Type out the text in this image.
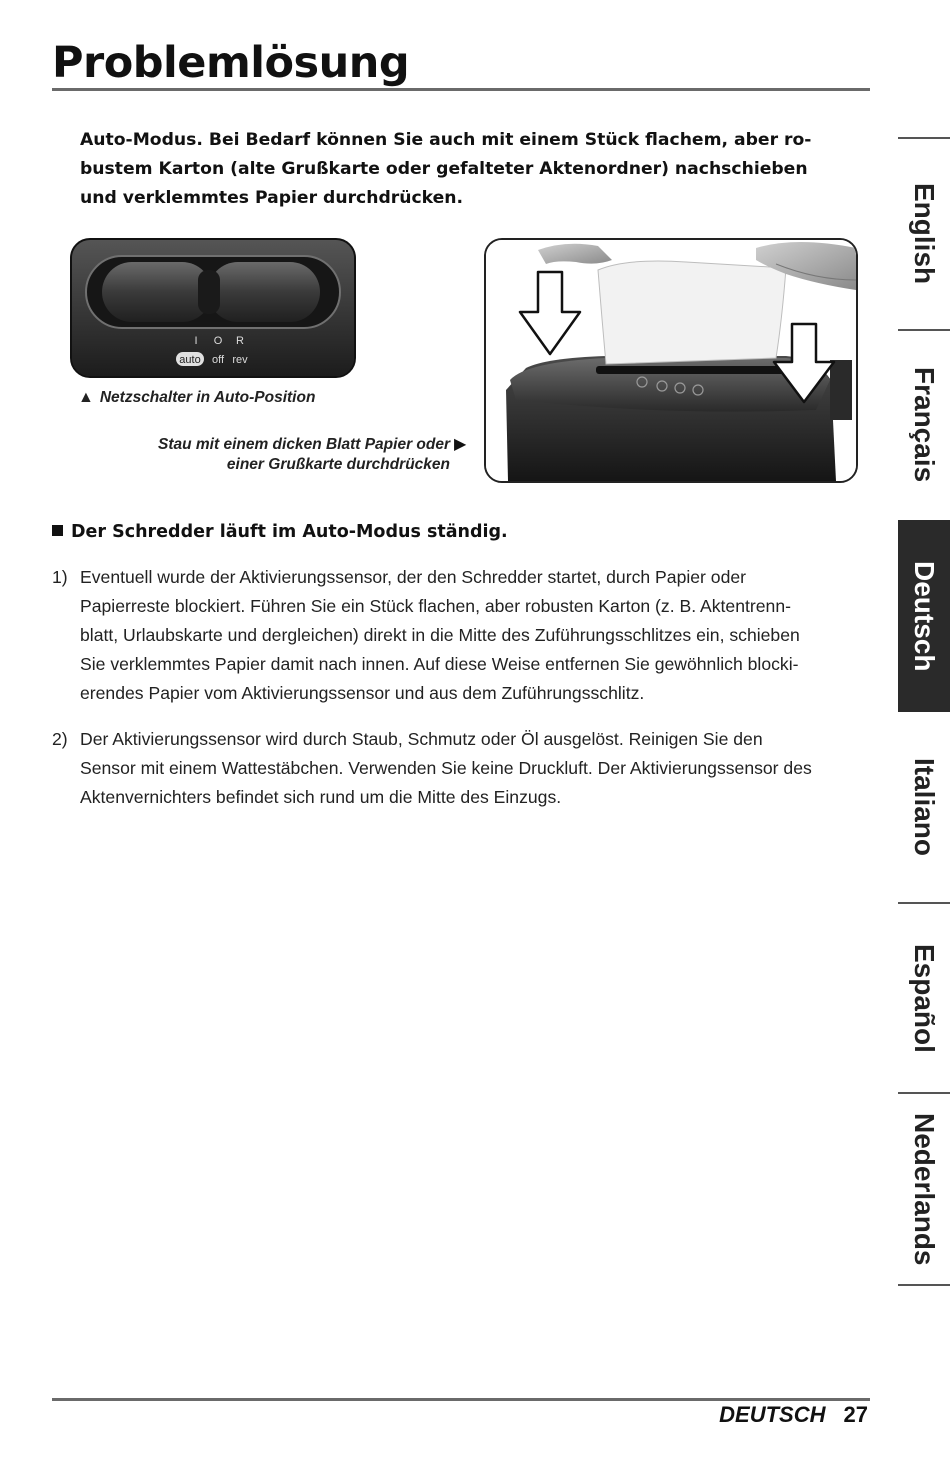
Problemlösung

Auto-Modus. Bei Bedarf können Sie auch mit einem Stück flachem, aber ro-

bustem Karton (alte Grußkarte oder gefalteter Aktenordner) nachschieben

und verklemmtes Papier durchdrücken.

I O R
auto off rev
▲ Netzschalter in Auto-Position
Stau mit einem dicken Blatt Papier oder
einer Grußkarte durchdrücken
▶
Der Schredder läuft im Auto-Modus ständig.
1) Eventuell wurde der Aktivierungssensor, der den Schredder startet, durch Papier oder
Papierreste blockiert. Führen Sie ein Stück flachen, aber robusten Karton (z. B. Aktentrenn-
blatt, Urlaubskarte und dergleichen) direkt in die Mitte des Zuführungsschlitzes ein, schieben
Sie verklemmtes Papier damit nach innen. Auf diese Weise entfernen Sie gewöhnlich blocki-
erendes Papier vom Aktivierungssensor und aus dem Zuführungsschlitz.
2) Der Aktivierungssensor wird durch Staub, Schmutz oder Öl ausgelöst. Reinigen Sie den
Sensor mit einem Wattestäbchen. Verwenden Sie keine Druckluft. Der Aktivierungssensor des
Aktenvernichters befindet sich rund um die Mitte des Einzugs.
English
Français
Deutsch
Italiano
Español
Nederlands
DEUTSCH 27
